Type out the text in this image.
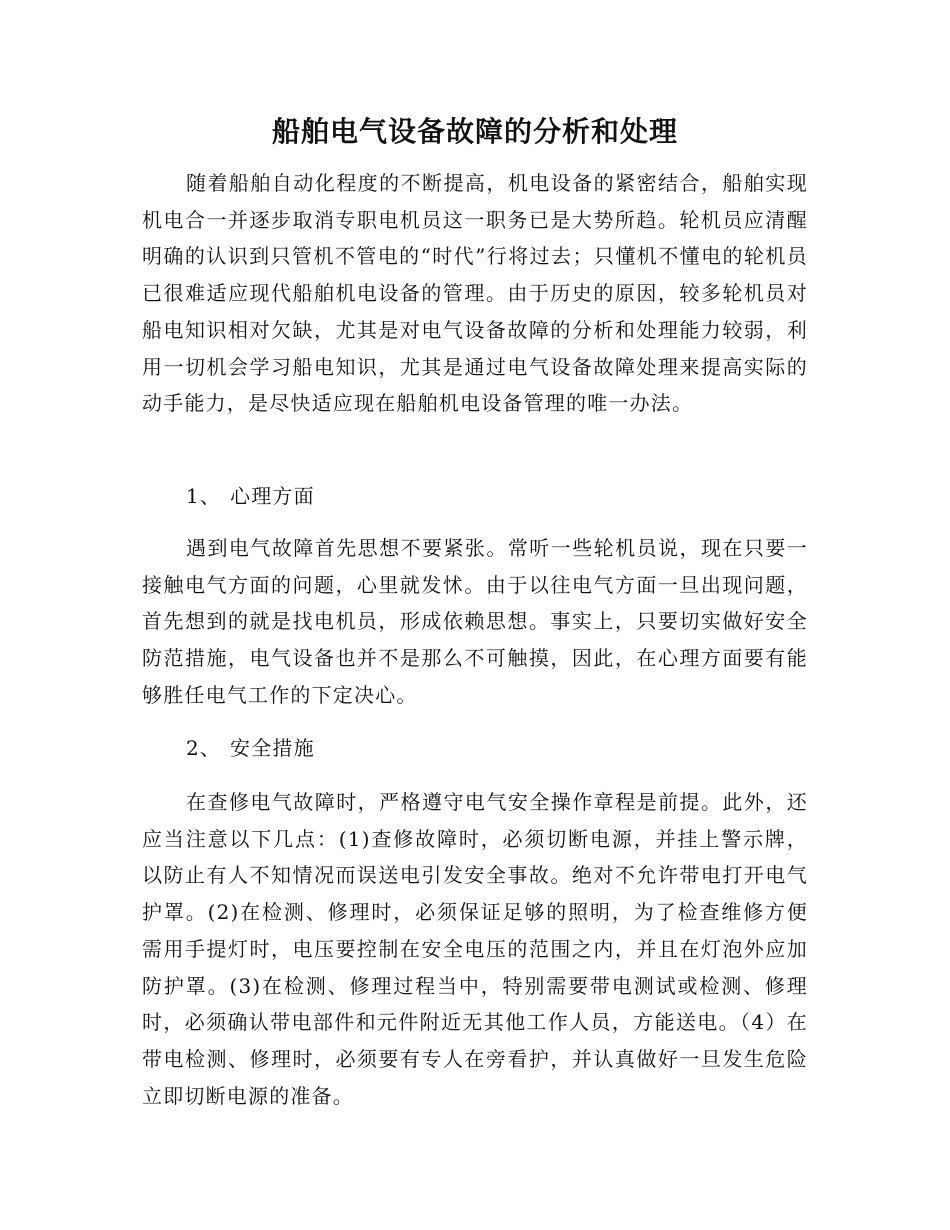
船舶电气设备故障的分析和处理

随着船舶自动化程度的不断提高，机电设备的紧密结合，船舶实现机电合一并逐步取消专职电机员这一职务已是大势所趋。轮机员应清醒明确的认识到只管机不管电的“时代”行将过去；只懂机不懂电的轮机员已很难适应现代船舶机电设备的管理。由于历史的原因，较多轮机员对船电知识相对欠缺，尤其是对电气设备故障的分析和处理能力较弱，利用一切机会学习船电知识，尤其是通过电气设备故障处理来提高实际的动手能力，是尽快适应现在船舶机电设备管理的唯一办法。

1、 心理方面

遇到电气故障首先思想不要紧张。常听一些轮机员说，现在只要一接触电气方面的问题，心里就发怵。由于以往电气方面一旦出现问题，首先想到的就是找电机员，形成依赖思想。事实上，只要切实做好安全防范措施，电气设备也并不是那么不可触摸，因此，在心理方面要有能够胜任电气工作的下定决心。

2、 安全措施

在查修电气故障时，严格遵守电气安全操作章程是前提。此外，还应当注意以下几点：(1)查修故障时，必须切断电源，并挂上警示牌，以防止有人不知情况而误送电引发安全事故。绝对不允许带电打开电气护罩。(2)在检测、修理时，必须保证足够的照明，为了检查维修方便需用手提灯时，电压要控制在安全电压的范围之内，并且在灯泡外应加防护罩。(3)在检测、修理过程当中，特别需要带电测试或检测、修理时，必须确认带电部件和元件附近无其他工作人员，方能送电。（4）在带电检测、修理时，必须要有专人在旁看护，并认真做好一旦发生危险立即切断电源的准备。
